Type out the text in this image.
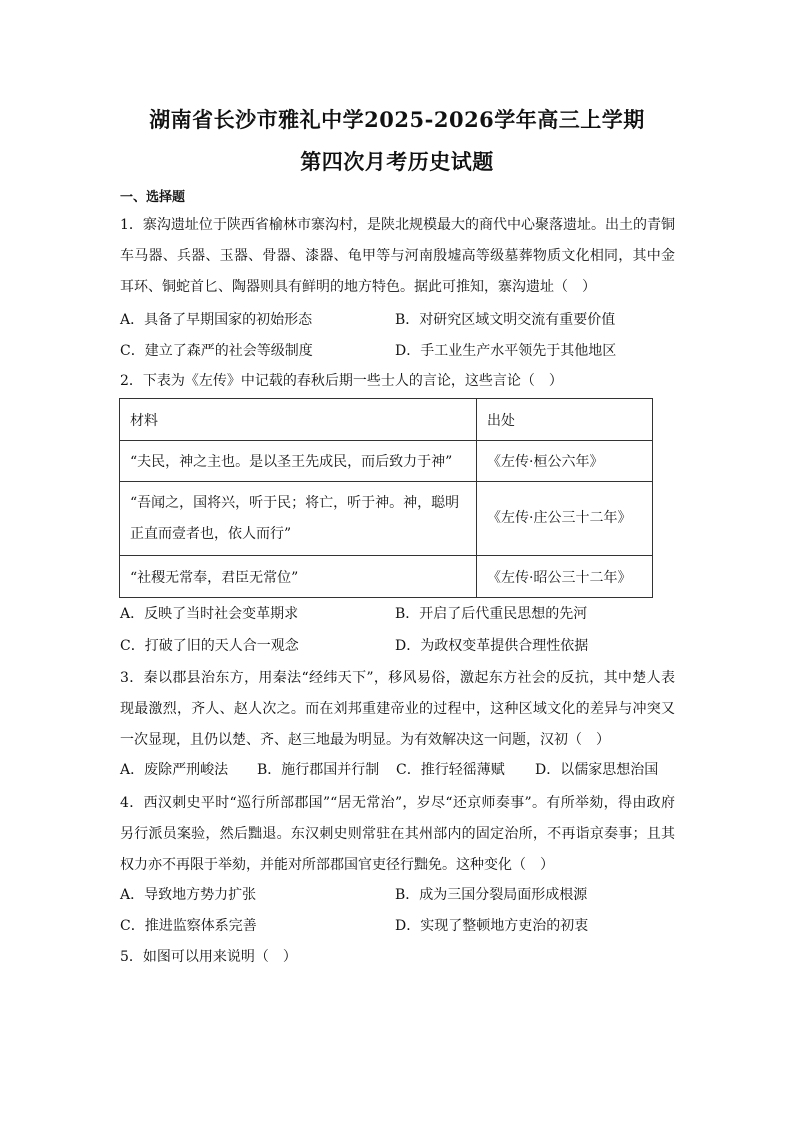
湖南省长沙市雅礼中学2025-2026学年高三上学期
第四次月考历史试题
一、选择题
1．寨沟遗址位于陕西省榆林市寨沟村，是陕北规模最大的商代中心聚落遗址。出土的青铜车马器、兵器、玉器、骨器、漆器、龟甲等与河南殷墟高等级墓葬物质文化相同，其中金耳环、铜蛇首匕、陶器则具有鲜明的地方特色。据此可推知，寨沟遗址（　）
A．具备了早期国家的初始形态	B．对研究区域文明交流有重要价值
C．建立了森严的社会等级制度	D．手工业生产水平领先于其他地区
2．下表为《左传》中记载的春秋后期一些士人的言论，这些言论（　）
材料	出处
“夫民，神之主也。是以圣王先成民，而后致力于神”	《左传·桓公六年》
“吾闻之，国将兴，听于民；将亡，听于神。神，聪明正直而壹者也，依人而行”	《左传·庄公三十二年》
“社稷无常奉，君臣无常位”	《左传·昭公三十二年》
A．反映了当时社会变革期求	B．开启了后代重民思想的先河
C．打破了旧的天人合一观念	D．为政权变革提供合理性依据
3．秦以郡县治东方，用秦法“经纬天下”，移风易俗，激起东方社会的反抗，其中楚人表现最激烈，齐人、赵人次之。而在刘邦重建帝业的过程中，这种区域文化的差异与冲突又一次显现，且仍以楚、齐、赵三地最为明显。为有效解决这一问题，汉初（　）
A．废除严刑峻法 B．施行郡国并行制 C．推行轻徭薄赋 D．以儒家思想治国
4．西汉刺史平时“巡行所部郡国”“居无常治”，岁尽“还京师奏事”。有所举劾，得由政府另行派员案验，然后黜退。东汉刺史则常驻在其州部内的固定治所，不再诣京奏事；且其权力亦不再限于举劾，并能对所部郡国官吏径行黜免。这种变化（　）
A．导致地方势力扩张	B．成为三国分裂局面形成根源
C．推进监察体系完善	D．实现了整顿地方吏治的初衷
5．如图可以用来说明（　）
